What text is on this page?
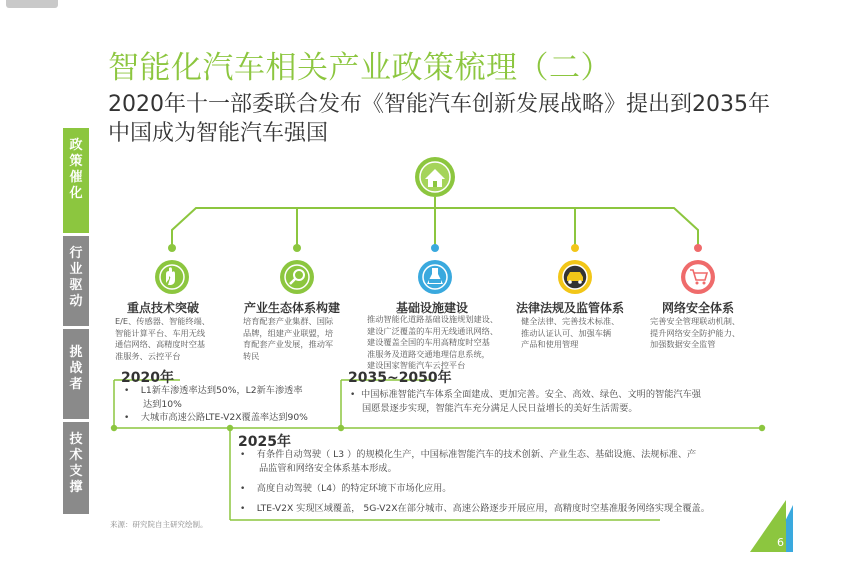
智能化汽车相关产业政策梳理（二）
2020年十一部委联合发布《智能汽车创新发展战略》提出到2035年中国成为智能汽车强国
政
策
催
化
行
业
驱
动
挑
战
者
技
术
支
撑
重点技术突破
E/E、传感器、智能终端、
智能计算平台、车用无线
通信网络、高精度时空基
准服务、云控平台
产业生态体系构建
培育配套产业集群、国际
品牌，组建产业联盟，培
育配套产业发展，推动军
转民
基础设施建设
推动智能化道路基础设施规划建设、
建设广泛覆盖的车用无线通讯网络、
建设覆盖全国的车用高精度时空基
准服务及道路交通地理信息系统，
建设国家智能汽车云控平台
法律法规及监管体系
健全法律、完善技术标准、
推动认证认可、加强车辆
产品和使用管理
网络安全体系
完善安全管理联动机制、
提升网络安全防护能力、
加强数据安全监管
2020年
•    L1新车渗透率达到50%，L2新车渗透率
达到10%
•    大城市高速公路LTE-V2X覆盖率达到90%
2035~2050年
•  中国标准智能汽车体系全面建成、更加完善。安全、高效、绿色、文明的智能汽车强
国愿景逐步实现，智能汽车充分满足人民日益增长的美好生活需要。
2025年
•    有条件自动驾驶（ L3 ）的规模化生产，中国标准智能汽车的技术创新、产业生态、基础设施、法规标准、产
品监管和网络安全体系基本形成。
•    高度自动驾驶（L4）的特定环境下市场化应用。
•    LTE-V2X 实现区域覆盖， 5G-V2X在部分城市、高速公路逐步开展应用，高精度时空基准服务网络实现全覆盖。
来源：研究院自主研究绘制。
6
